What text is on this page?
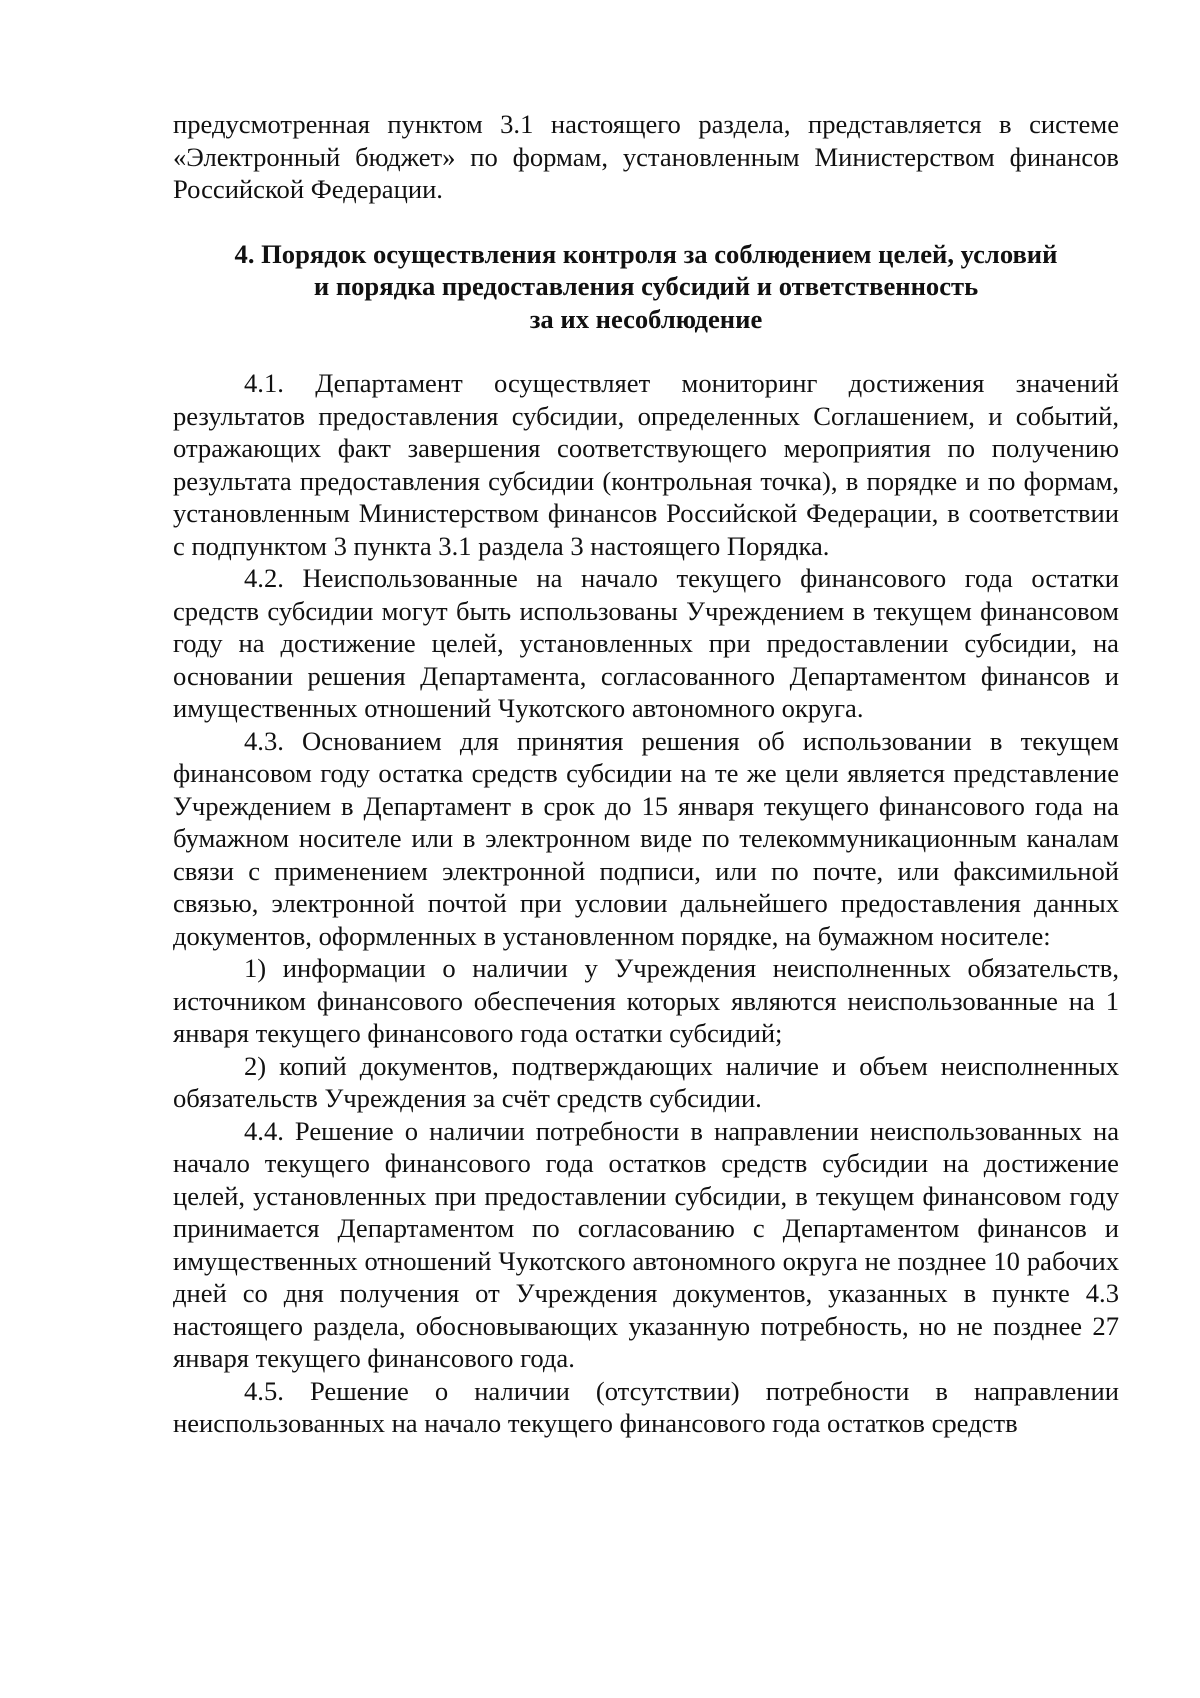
предусмотренная пунктом 3.1 настоящего раздела, представляется в системе «Электронный бюджет» по формам, установленным Министерством финансов Российской Федерации.

4. Порядок осуществления контроля за соблюдением целей, условий
и порядка предоставления субсидий и ответственность
за их несоблюдение

4.1. Департамент осуществляет мониторинг достижения значений результатов предоставления субсидии, определенных Соглашением, и событий, отражающих факт завершения соответствующего мероприятия по получению результата предоставления субсидии (контрольная точка), в порядке и по формам, установленным Министерством финансов Российской Федерации, в соответствии с подпунктом 3 пункта 3.1 раздела 3 настоящего Порядка.

4.2. Неиспользованные на начало текущего финансового года остатки средств субсидии могут быть использованы Учреждением в текущем финансовом году на достижение целей, установленных при предоставлении субсидии, на основании решения Департамента, согласованного Департаментом финансов и имущественных отношений Чукотского автономного округа.

4.3. Основанием для принятия решения об использовании в текущем финансовом году остатка средств субсидии на те же цели является представление Учреждением в Департамент в срок до 15 января текущего финансового года на бумажном носителе или в электронном виде по телекоммуникационным каналам связи с применением электронной подписи, или по почте, или факсимильной связью, электронной почтой при условии дальнейшего предоставления данных документов, оформленных в установленном порядке, на бумажном носителе:

1) информации о наличии у Учреждения неисполненных обязательств, источником финансового обеспечения которых являются неиспользованные на 1 января текущего финансового года остатки субсидий;

2) копий документов, подтверждающих наличие и объем неисполненных обязательств Учреждения за счёт средств субсидии.

4.4. Решение о наличии потребности в направлении неиспользованных на начало текущего финансового года остатков средств субсидии на достижение целей, установленных при предоставлении субсидии, в текущем финансовом году принимается Департаментом по согласованию с Департаментом финансов и имущественных отношений Чукотского автономного округа не позднее 10 рабочих дней со дня получения от Учреждения документов, указанных в пункте 4.3 настоящего раздела, обосновывающих указанную потребность, но не позднее 27 января текущего финансового года.

4.5. Решение о наличии (отсутствии) потребности в направлении неиспользованных на начало текущего финансового года остатков средств
